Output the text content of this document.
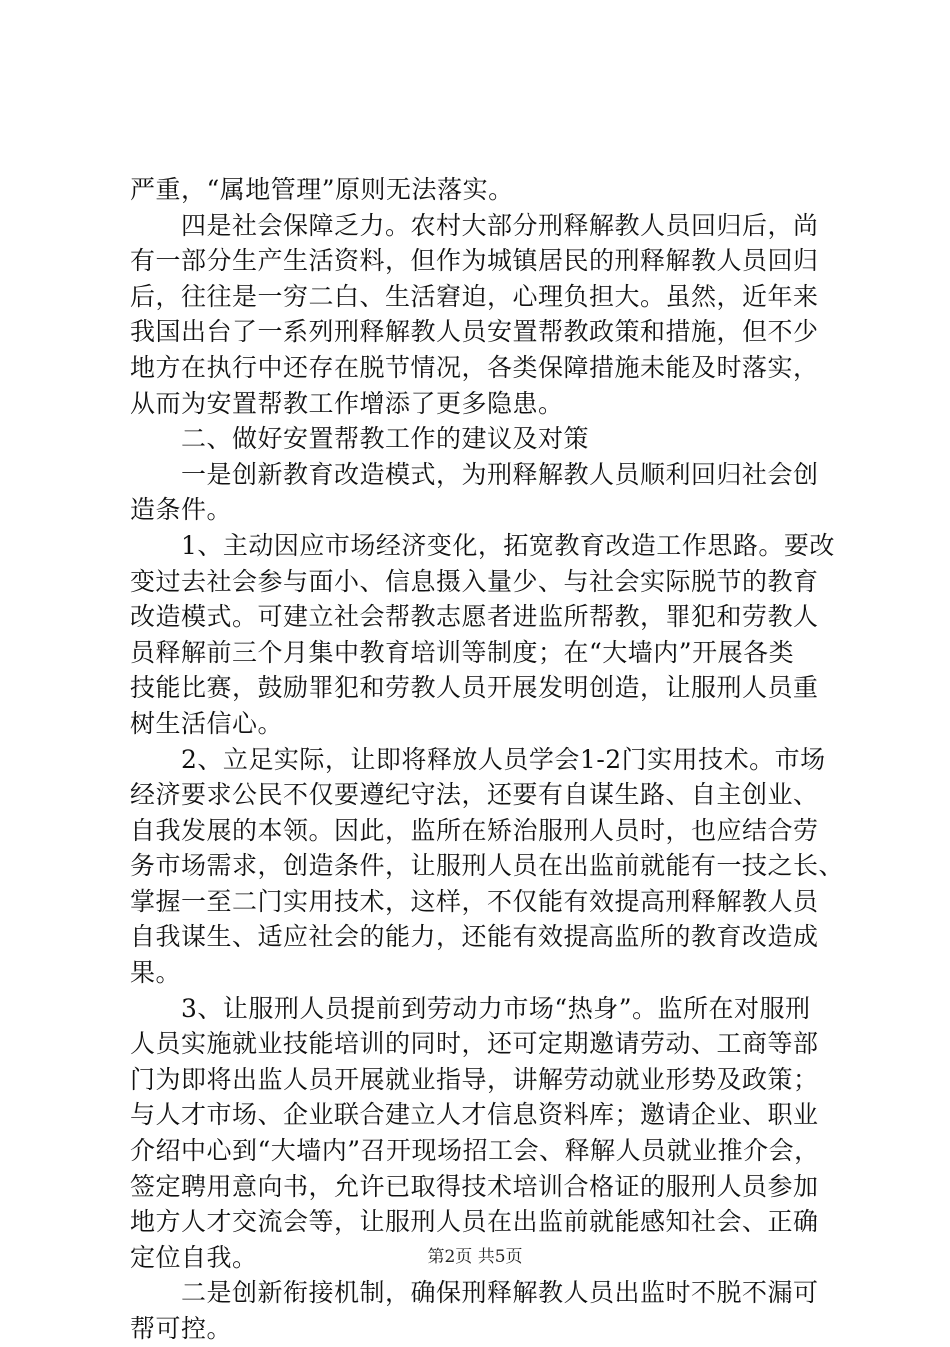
严重，“属地管理”原则无法落实。
　　四是社会保障乏力。农村大部分刑释解教人员回归后，尚
有一部分生产生活资料，但作为城镇居民的刑释解教人员回归
后，往往是一穷二白、生活窘迫，心理负担大。虽然，近年来
我国出台了一系列刑释解教人员安置帮教政策和措施，但不少
地方在执行中还存在脱节情况，各类保障措施未能及时落实，
从而为安置帮教工作增添了更多隐患。
　　二、做好安置帮教工作的建议及对策
　　一是创新教育改造模式，为刑释解教人员顺利回归社会创
造条件。
　　1、主动因应市场经济变化，拓宽教育改造工作思路。要改
变过去社会参与面小、信息摄入量少、与社会实际脱节的教育
改造模式。可建立社会帮教志愿者进监所帮教，罪犯和劳教人
员释解前三个月集中教育培训等制度；在“大墙内”开展各类
技能比赛，鼓励罪犯和劳教人员开展发明创造，让服刑人员重
树生活信心。
　　2、立足实际，让即将释放人员学会1-2门实用技术。市场
经济要求公民不仅要遵纪守法，还要有自谋生路、自主创业、
自我发展的本领。因此，监所在矫治服刑人员时，也应结合劳
务市场需求，创造条件，让服刑人员在出监前就能有一技之长、
掌握一至二门实用技术，这样，不仅能有效提高刑释解教人员
自我谋生、适应社会的能力，还能有效提高监所的教育改造成
果。
　　3、让服刑人员提前到劳动力市场“热身”。监所在对服刑
人员实施就业技能培训的同时，还可定期邀请劳动、工商等部
门为即将出监人员开展就业指导，讲解劳动就业形势及政策；
与人才市场、企业联合建立人才信息资料库；邀请企业、职业
介绍中心到“大墙内”召开现场招工会、释解人员就业推介会，
签定聘用意向书，允许已取得技术培训合格证的服刑人员参加
地方人才交流会等，让服刑人员在出监前就能感知社会、正确
定位自我。
　　二是创新衔接机制，确保刑释解教人员出监时不脱不漏可
帮可控。
第2页 共5页
